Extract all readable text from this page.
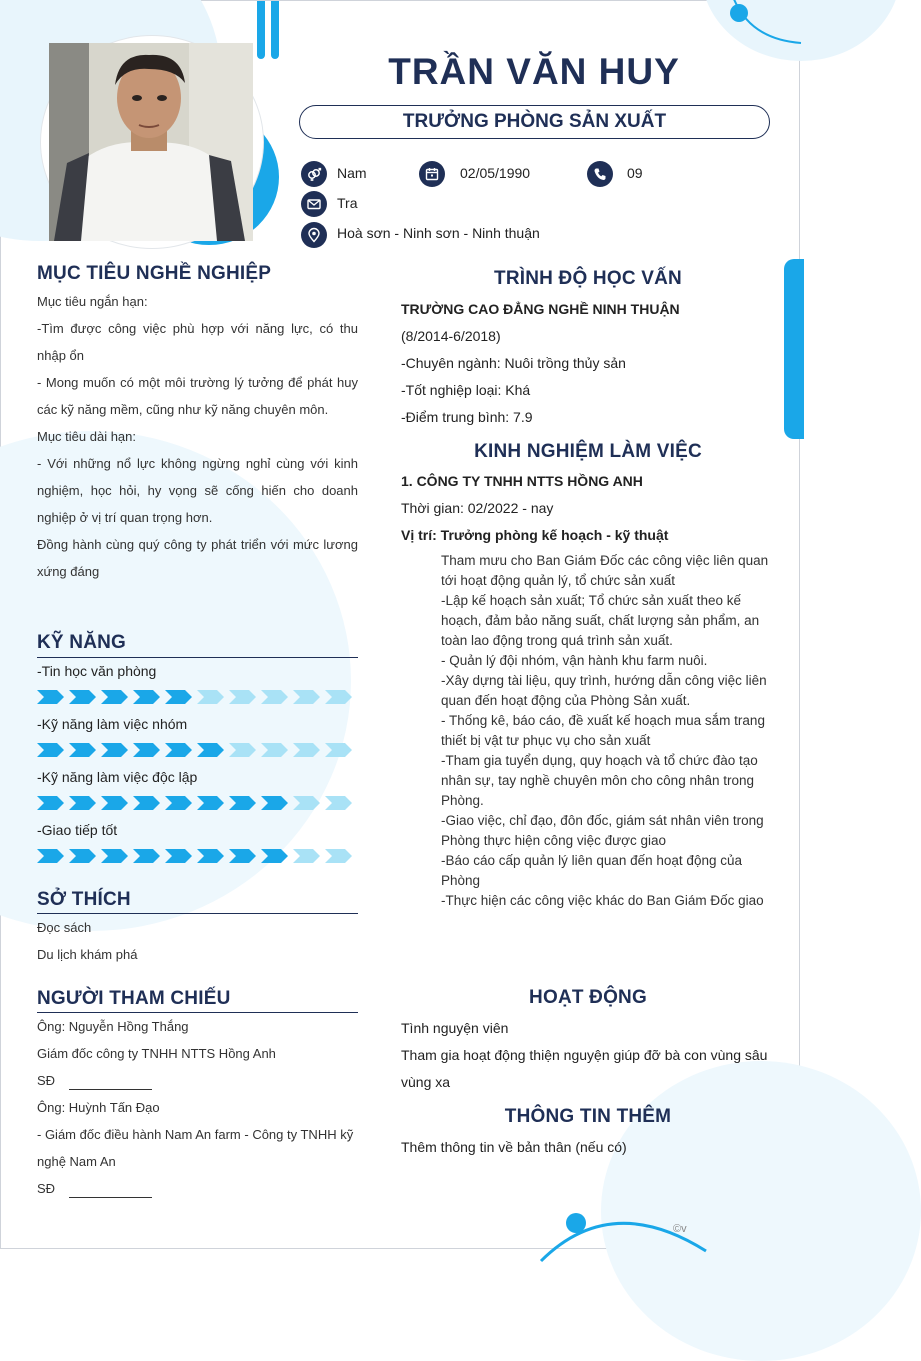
©v
TRẦN VĂN HUY
TRƯỞNG PHÒNG SẢN XUẤT
Nam	02/05/1990	09
Tra
Hoà sơn - Ninh sơn - Ninh thuận
MỤC TIÊU NGHỀ NGHIỆP
Mục tiêu ngắn hạn:
-Tìm được công việc phù hợp với năng lực, có thu nhập ổn
- Mong muốn có một môi trường lý tưởng để phát huy các kỹ năng mềm, cũng như kỹ năng chuyên môn.
Mục tiêu dài hạn:
- Với những nổ lực không ngừng nghỉ cùng với kinh nghiệm, học hỏi, hy vọng sẽ cống hiến cho doanh nghiệp ở vị trí quan trọng hơn.
Đồng hành cùng quý công ty phát triển với mức lương xứng đáng
KỸ NĂNG
-Tin học văn phòng
-Kỹ năng làm việc nhóm
-Kỹ năng làm việc độc lập
-Giao tiếp tốt
SỞ THÍCH
Đọc sách
Du lịch khám phá
NGƯỜI THAM CHIẾU
Ông: Nguyễn Hồng Thắng
Giám đốc công ty TNHH NTTS Hồng Anh
SĐ
Ông: Huỳnh Tấn Đạo
- Giám đốc điều hành Nam An farm - Công ty TNHH kỹ nghệ Nam An
SĐ
TRÌNH ĐỘ HỌC VẤN
TRƯỜNG CAO ĐẲNG NGHỀ NINH THUẬN
(8/2014-6/2018)
-Chuyên ngành: Nuôi trồng thủy sản
-Tốt nghiệp loại: Khá
-Điểm trung bình: 7.9
KINH NGHIỆM LÀM VIỆC
1. CÔNG TY TNHH NTTS HỒNG ANH
Thời gian: 02/2022 - nay
Vị trí: Trưởng phòng kế hoạch - kỹ thuật
Tham mưu cho Ban Giám Đốc các công việc liên quan tới hoạt động quản lý, tổ chức sản xuất
-Lập kế hoạch sản xuất; Tổ chức sản xuất theo kế hoạch, đảm bảo năng suất, chất lượng sản phẩm, an toàn lao động trong quá trình sản xuất.
- Quản lý đội nhóm, vận hành khu farm nuôi.
-Xây dựng tài liệu, quy trình, hướng dẫn công việc liên quan đến hoạt động của Phòng Sản xuất.
- Thống kê, báo cáo, đề xuất kế hoạch mua sắm trang thiết bị vật tư phục vụ cho sản xuất
-Tham gia tuyển dụng, quy hoạch và tổ chức đào tạo nhân sự, tay nghề chuyên môn cho công nhân trong Phòng.
-Giao việc, chỉ đạo, đôn đốc, giám sát nhân viên trong Phòng thực hiện công việc được giao
-Báo cáo cấp quản lý liên quan đến hoạt động của Phòng
-Thực hiện các công việc khác do Ban Giám Đốc giao
HOẠT ĐỘNG
Tình nguyện viên
Tham gia hoạt động thiện nguyện giúp đỡ bà con vùng sâu vùng xa
THÔNG TIN THÊM
Thêm thông tin về bản thân (nếu có)
